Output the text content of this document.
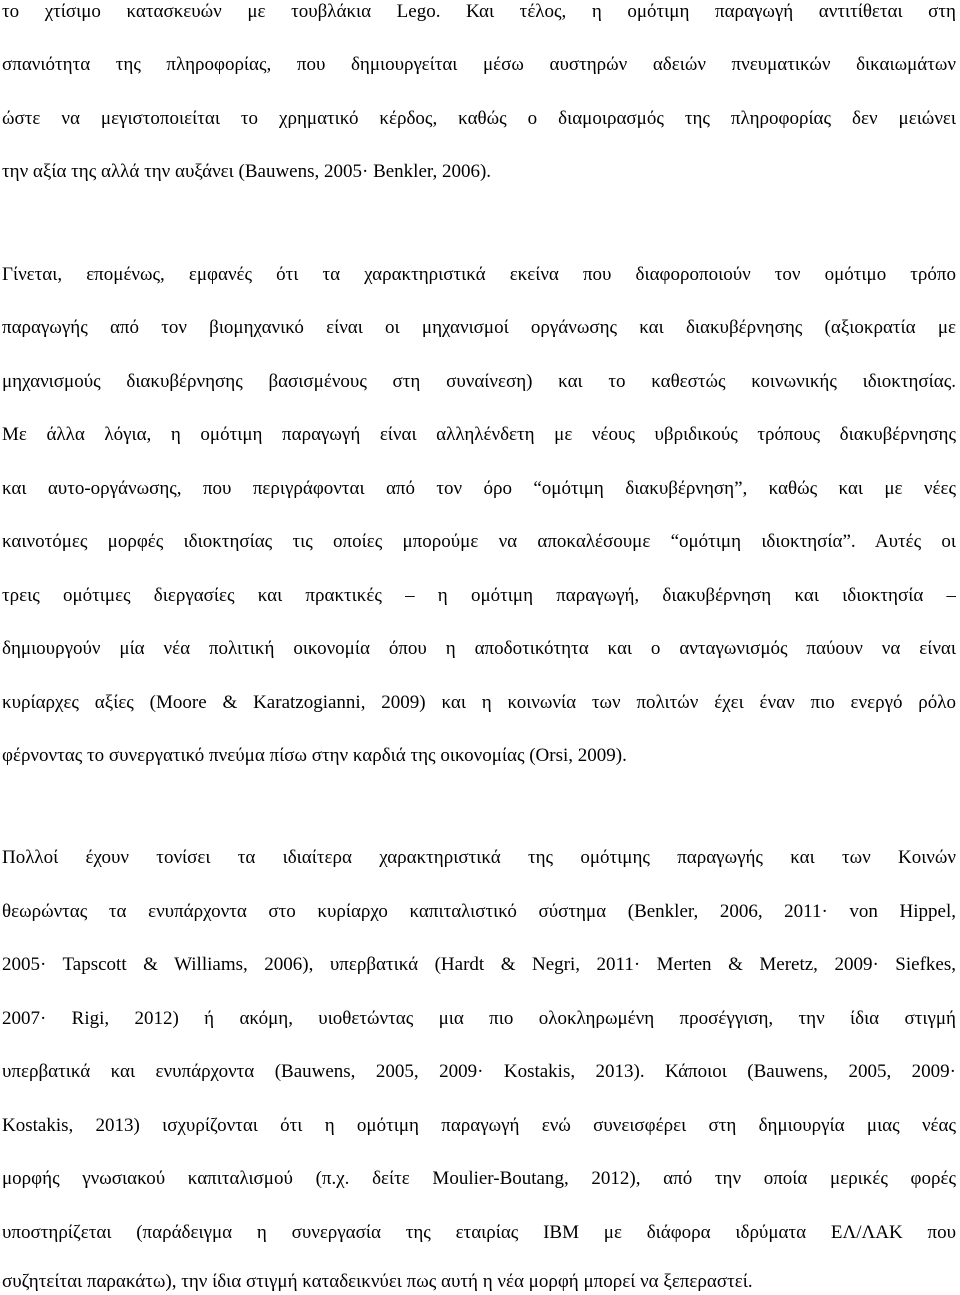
το χτίσιμο κατασκευών με τουβλάκια Lego. Και τέλος, η ομότιμη παραγωγή αντιτίθεται στη
σπανιότητα της πληροφορίας, που δημιουργείται μέσω αυστηρών αδειών πνευματικών δικαιωμάτων
ώστε να μεγιστοποιείται το χρηματικό κέρδος, καθώς ο διαμοιρασμός της πληροφορίας δεν μειώνει
την αξία της αλλά την αυξάνει (Bauwens, 2005· Benkler, 2006).
Γίνεται, επομένως, εμφανές ότι τα χαρακτηριστικά εκείνα που διαφοροποιούν τον ομότιμο τρόπο
παραγωγής από τον βιομηχανικό είναι οι μηχανισμοί οργάνωσης και διακυβέρνησης (αξιοκρατία με
μηχανισμούς διακυβέρνησης βασισμένους στη συναίνεση) και το καθεστώς κοινωνικής ιδιοκτησίας.
Με άλλα λόγια, η ομότιμη παραγωγή είναι αλληλένδετη με νέους υβριδικούς τρόπους διακυβέρνησης
και αυτο-οργάνωσης, που περιγράφονται από τον όρο “ομότιμη διακυβέρνηση”, καθώς και με νέες
καινοτόμες μορφές ιδιοκτησίας τις οποίες μπορούμε να αποκαλέσουμε “ομότιμη ιδιοκτησία”. Αυτές οι
τρεις ομότιμες διεργασίες και πρακτικές – η ομότιμη παραγωγή, διακυβέρνηση και ιδιοκτησία –
δημιουργούν μία νέα πολιτική οικονομία όπου η αποδοτικότητα και ο ανταγωνισμός παύουν να είναι
κυρίαρχες αξίες (Moore & Karatzogianni, 2009) και η κοινωνία των πολιτών έχει έναν πιο ενεργό ρόλο
φέρνοντας το συνεργατικό πνεύμα πίσω στην καρδιά της οικονομίας (Orsi, 2009).
Πολλοί έχουν τονίσει τα ιδιαίτερα χαρακτηριστικά της ομότιμης παραγωγής και των Κοινών
θεωρώντας τα ενυπάρχοντα στο κυρίαρχο καπιταλιστικό σύστημα (Benkler, 2006, 2011· von Hippel,
2005· Tapscott & Williams, 2006), υπερβατικά (Hardt & Negri, 2011· Merten & Meretz, 2009· Siefkes,
2007· Rigi, 2012) ή ακόμη, υιοθετώντας μια πιο ολοκληρωμένη προσέγγιση, την ίδια στιγμή
υπερβατικά και ενυπάρχοντα (Bauwens, 2005, 2009· Kostakis, 2013). Κάποιοι (Bauwens, 2005, 2009·
Kostakis, 2013) ισχυρίζονται ότι η ομότιμη παραγωγή ενώ συνεισφέρει στη δημιουργία μιας νέας
μορφής γνωσιακού καπιταλισμού (π.χ. δείτε Moulier-Boutang, 2012), από την οποία μερικές φορές
υποστηρίζεται (παράδειγμα η συνεργασία της εταιρίας IBM με διάφορα ιδρύματα ΕΛ/ΛΑΚ που
συζητείται παρακάτω), την ίδια στιγμή καταδεικνύει πως αυτή η νέα μορφή μπορεί να ξεπεραστεί.
